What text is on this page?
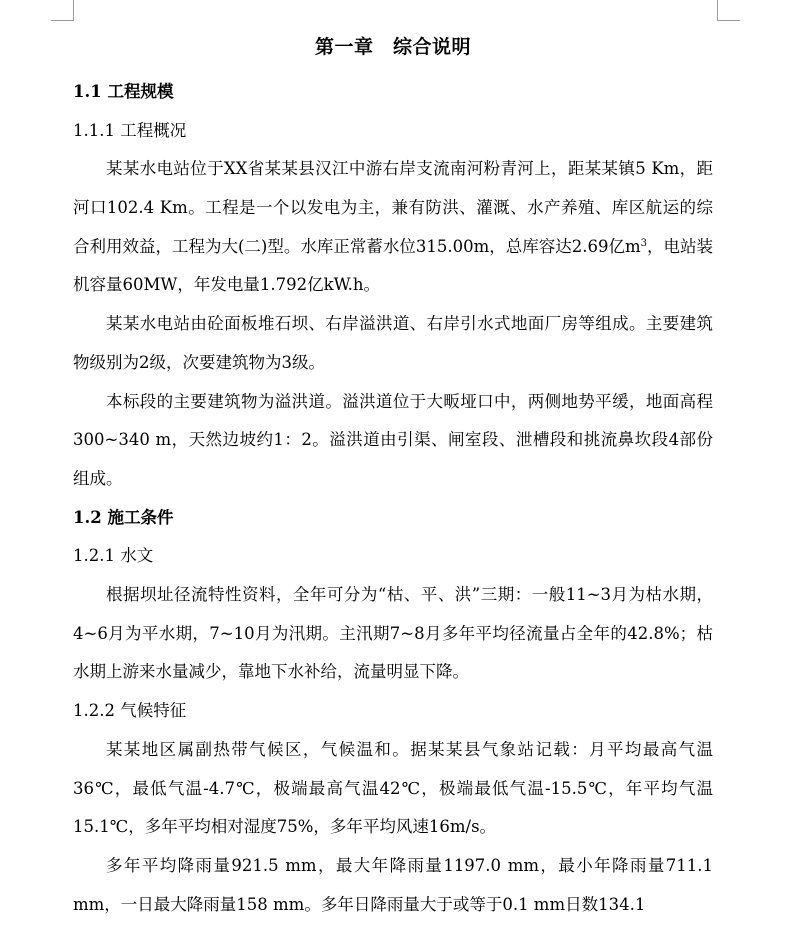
第一章　综合说明
1.1 工程规模
1.1.1 工程概况

某某水电站位于XX省某某县汉江中游右岸支流南河粉青河上，距某某镇5 Km，距河口102.4 Km。工程是一个以发电为主，兼有防洪、灌溉、水产养殖、库区航运的综合利用效益，工程为大(二)型。水库正常蓄水位315.00m，总库容达2.69亿$m^3$，电站装机容量60MW，年发电量1.792亿kW.h。

某某水电站由砼面板堆石坝、右岸溢洪道、右岸引水式地面厂房等组成。主要建筑物级别为2级，次要建筑物为3级。

本标段的主要建筑物为溢洪道。溢洪道位于大畈垭口中，两侧地势平缓，地面高程300~340 m，天然边坡约1：2。溢洪道由引渠、闸室段、泄槽段和挑流鼻坎段4部份组成。

1.2 施工条件
1.2.1 水文

根据坝址径流特性资料，全年可分为“枯、平、洪”三期：一般11~3月为枯水期，4~6月为平水期，7~10月为汛期。主汛期7~8月多年平均径流量占全年的42.8%；枯水期上游来水量减少，靠地下水补给，流量明显下降。

1.2.2 气候特征

某某地区属副热带气候区，气候温和。据某某县气象站记载：月平均最高气温36℃，最低气温-4.7℃，极端最高气温42℃，极端最低气温-15.5℃，年平均气温15.1℃，多年平均相对湿度75%，多年平均风速16m/s。

多年平均降雨量921.5 mm，最大年降雨量1197.0 mm，最小年降雨量711.1 mm，一日最大降雨量158 mm。多年日降雨量大于或等于0.1 mm日数134.1
